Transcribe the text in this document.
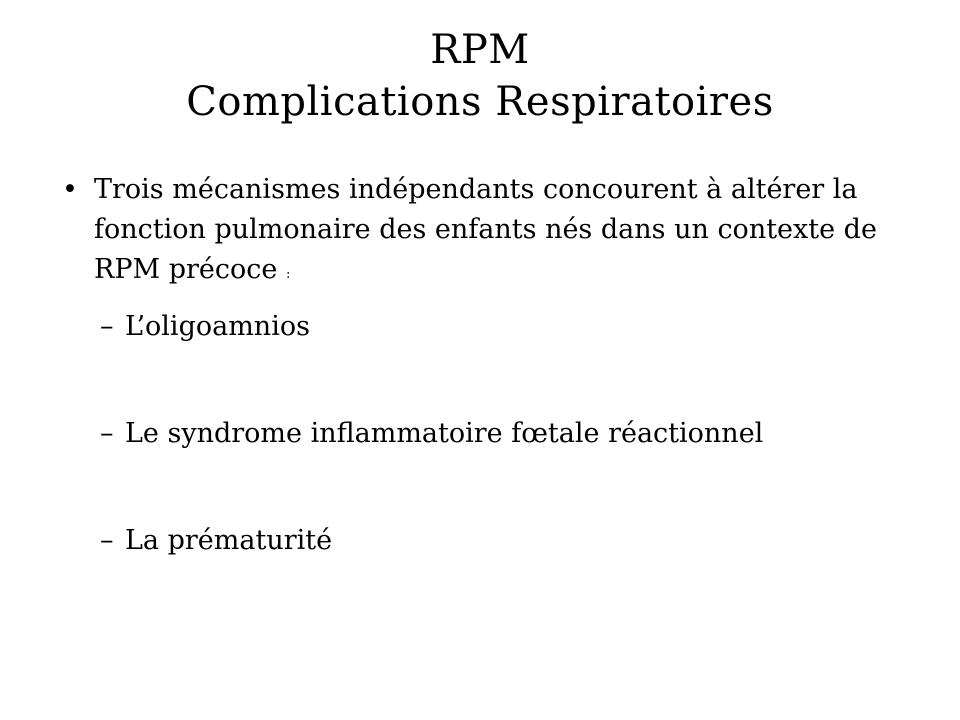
RPM
Complications Respiratoires

• Trois mécanismes indépendants concourent à altérer la fonction pulmonaire des enfants nés dans un contexte de RPM précoce :

– L’oligoamnios
– Le syndrome inflammatoire fœtale réactionnel
– La prématurité
